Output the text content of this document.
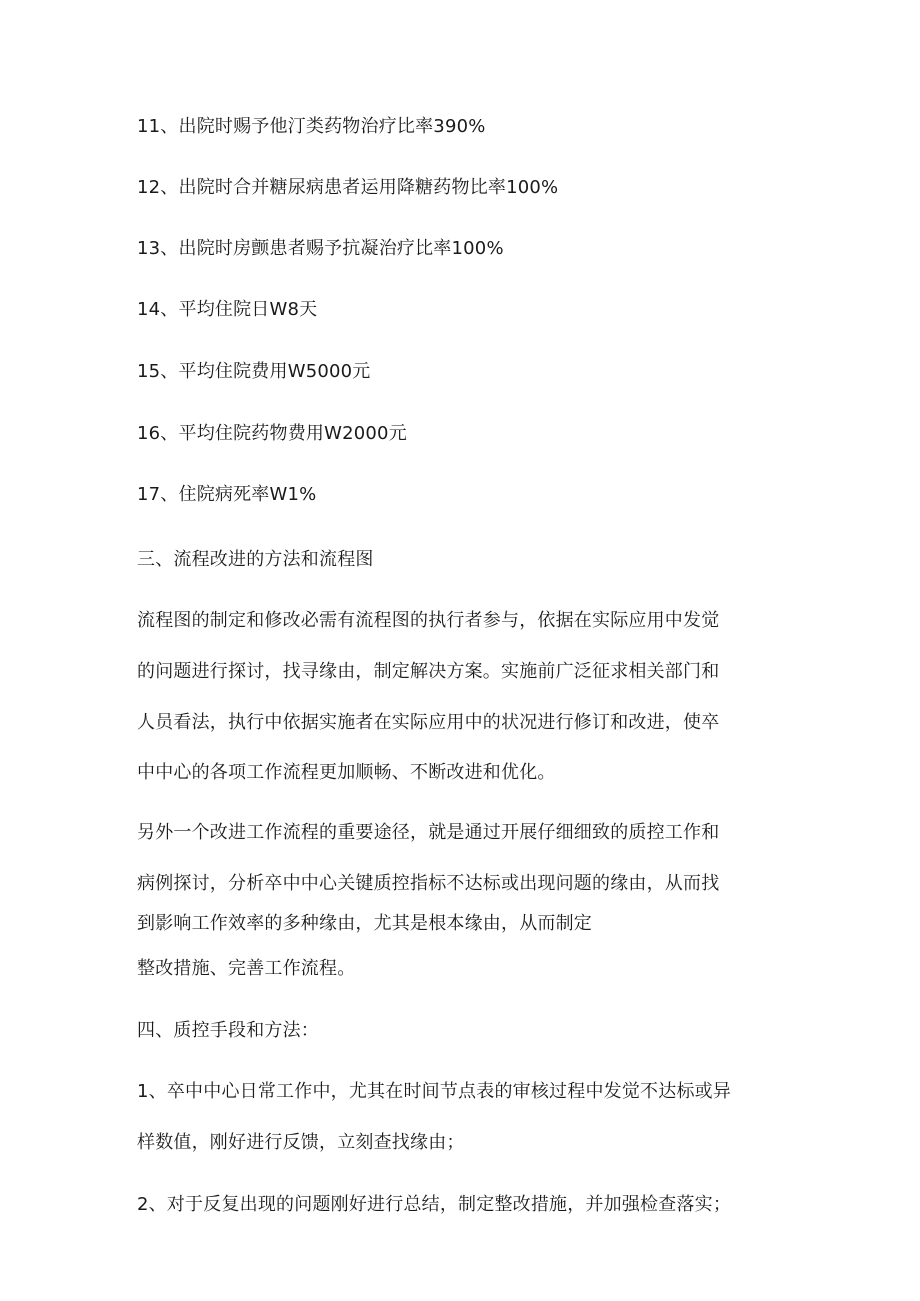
11、出院时赐予他汀类药物治疗比率390%
12、出院时合并糖尿病患者运用降糖药物比率100%
13、出院时房颤患者赐予抗凝治疗比率100%
14、平均住院日W8天
15、平均住院费用W5000元
16、平均住院药物费用W2000元
17、住院病死率W1%
三、流程改进的方法和流程图
流程图的制定和修改必需有流程图的执行者参与，依据在实际应用中发觉
的问题进行探讨，找寻缘由，制定解决方案。实施前广泛征求相关部门和
人员看法，执行中依据实施者在实际应用中的状况进行修订和改进，使卒
中中心的各项工作流程更加顺畅、不断改进和优化。
另外一个改进工作流程的重要途径，就是通过开展仔细细致的质控工作和
病例探讨，分析卒中中心关键质控指标不达标或出现问题的缘由，从而找
到影响工作效率的多种缘由，尤其是根本缘由，从而制定
整改措施、完善工作流程。
四、质控手段和方法：
1、卒中中心日常工作中，尤其在时间节点表的审核过程中发觉不达标或异
样数值，刚好进行反馈，立刻查找缘由；
2、对于反复出现的问题刚好进行总结，制定整改措施，并加强检查落实；
